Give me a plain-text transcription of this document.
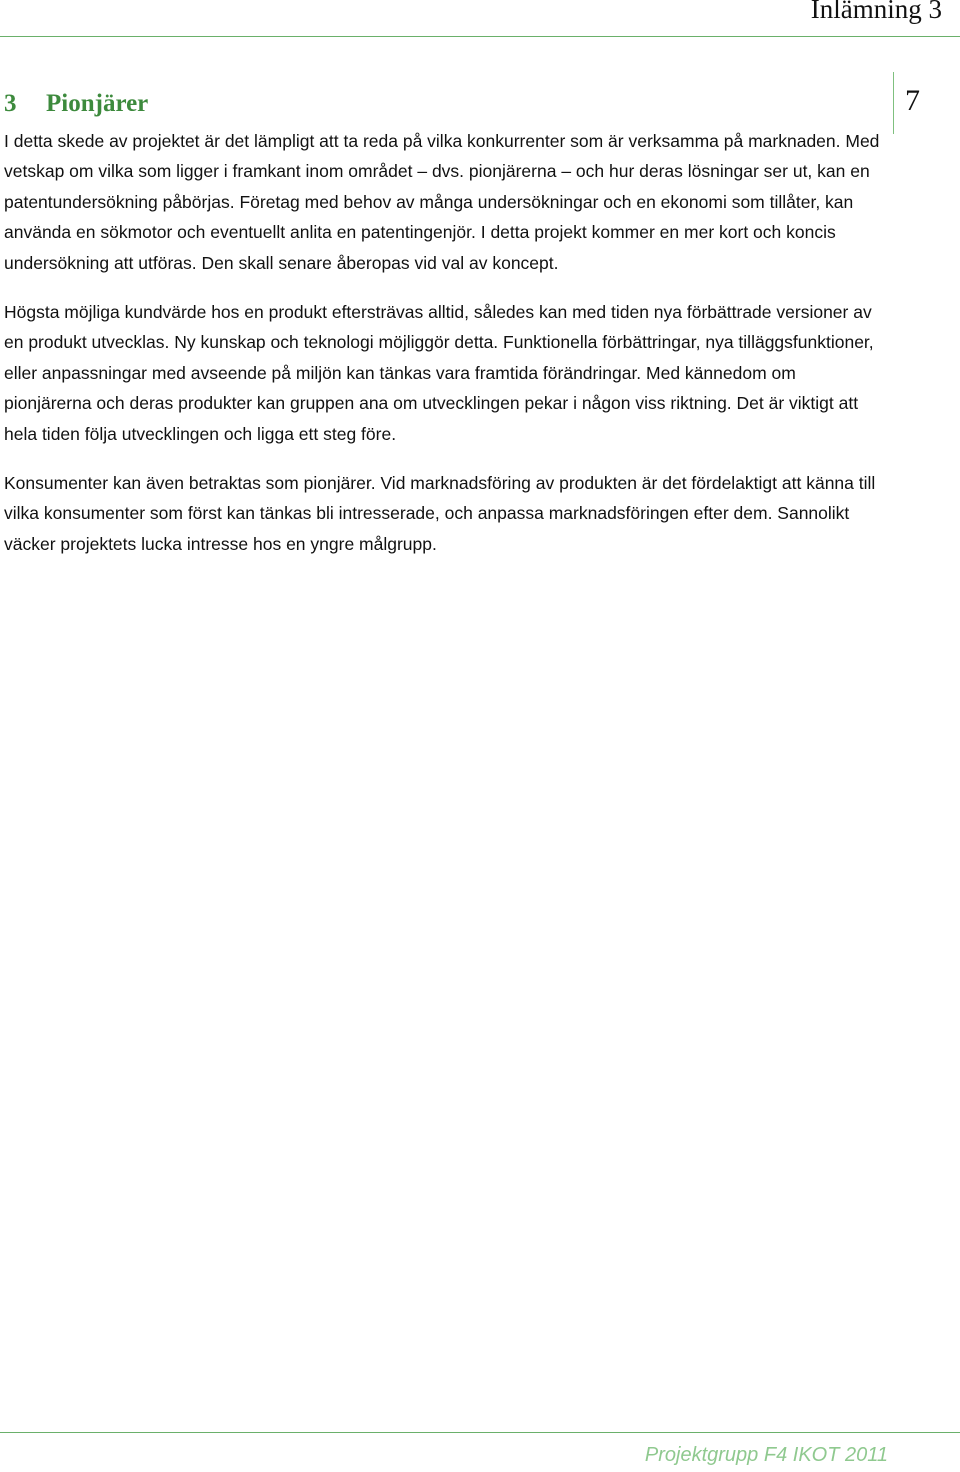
Inlämning 3
7
3 Pionjärer

I detta skede av projektet är det lämpligt att ta reda på vilka konkurrenter som är verksamma på marknaden. Med vetskap om vilka som ligger i framkant inom området – dvs. pionjärerna – och hur deras lösningar ser ut, kan en patentundersökning påbörjas. Företag med behov av många undersökningar och en ekonomi som tillåter, kan använda en sökmotor och eventuellt anlita en patentingenjör. I detta projekt kommer en mer kort och koncis undersökning att utföras. Den skall senare åberopas vid val av koncept.

Högsta möjliga kundvärde hos en produkt eftersträvas alltid, således kan med tiden nya förbättrade versioner av en produkt utvecklas. Ny kunskap och teknologi möjliggör detta. Funktionella förbättringar, nya tilläggsfunktioner, eller anpassningar med avseende på miljön kan tänkas vara framtida förändringar. Med kännedom om pionjärerna och deras produkter kan gruppen ana om utvecklingen pekar i någon viss riktning. Det är viktigt att hela tiden följa utvecklingen och ligga ett steg före.

Konsumenter kan även betraktas som pionjärer. Vid marknadsföring av produkten är det fördelaktigt att känna till vilka konsumenter som först kan tänkas bli intresserade, och anpassa marknadsföringen efter dem. Sannolikt väcker projektets lucka intresse hos en yngre målgrupp.

Projektgrupp F4 IKOT 2011
